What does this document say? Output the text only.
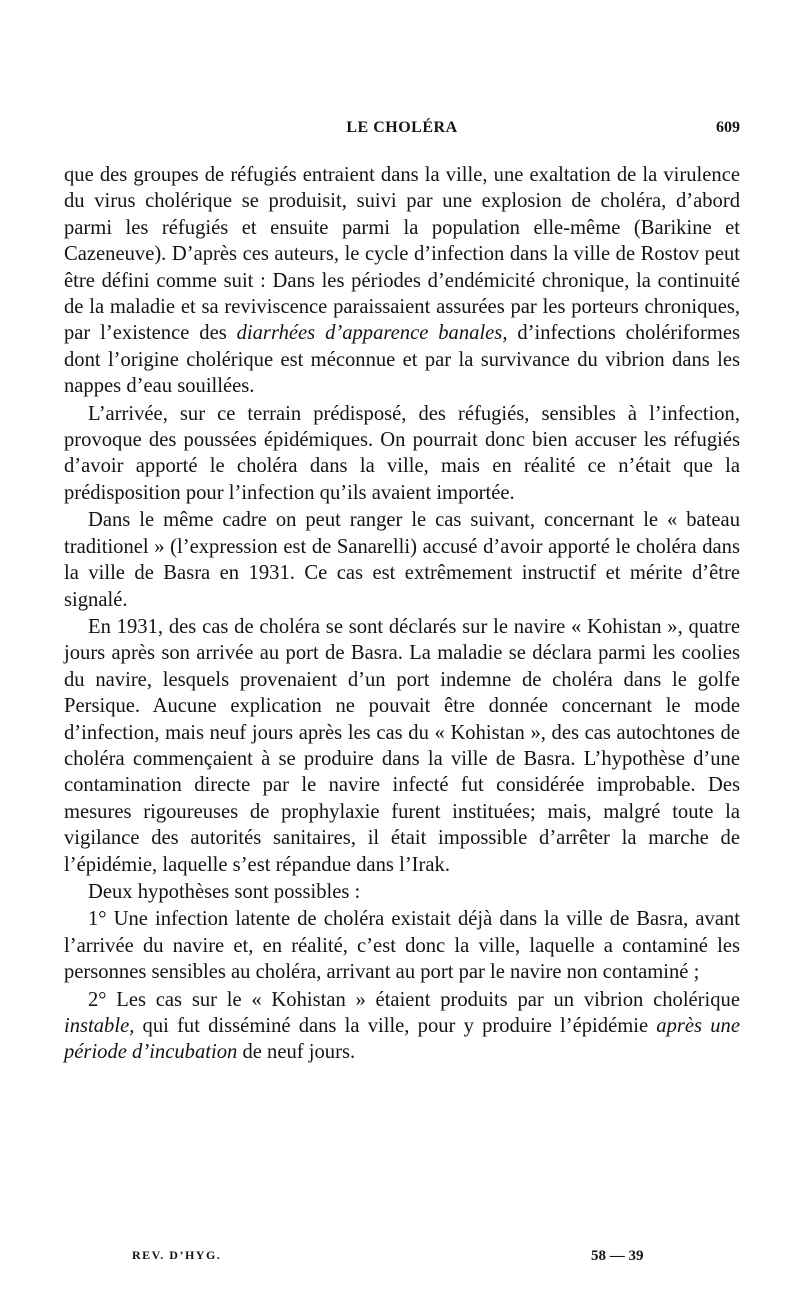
LE CHOLÉRA	609

que des groupes de réfugiés entraient dans la ville, une exaltation de la virulence du virus cholérique se produisit, suivi par une explosion de choléra, d’abord parmi les réfugiés et ensuite parmi la population elle-même (Barikine et Cazeneuve). D’après ces auteurs, le cycle d’infection dans la ville de Rostov peut être défini comme suit : Dans les périodes d’endémicité chronique, la continuité de la maladie et sa reviviscence paraissaient assurées par les porteurs chroniques, par l’existence des diarrhées d’apparence banales, d’infections cholériformes dont l’origine cholérique est méconnue et par la survivance du vibrion dans les nappes d’eau souillées.

L’arrivée, sur ce terrain prédisposé, des réfugiés, sensibles à l’infection, provoque des poussées épidémiques. On pourrait donc bien accuser les réfugiés d’avoir apporté le choléra dans la ville, mais en réalité ce n’était que la prédisposition pour l’infection qu’ils avaient importée.

Dans le même cadre on peut ranger le cas suivant, concernant le « bateau traditionel » (l’expression est de Sanarelli) accusé d’avoir apporté le choléra dans la ville de Basra en 1931. Ce cas est extrêmement instructif et mérite d’être signalé.

En 1931, des cas de choléra se sont déclarés sur le navire « Kohistan », quatre jours après son arrivée au port de Basra. La maladie se déclara parmi les coolies du navire, lesquels provenaient d’un port indemne de choléra dans le golfe Persique. Aucune explication ne pouvait être donnée concernant le mode d’infection, mais neuf jours après les cas du « Kohistan », des cas autochtones de choléra commençaient à se produire dans la ville de Basra. L’hypothèse d’une contamination directe par le navire infecté fut considérée improbable. Des mesures rigoureuses de prophylaxie furent instituées; mais, malgré toute la vigilance des autorités sanitaires, il était impossible d’arrêter la marche de l’épidémie, laquelle s’est répandue dans l’Irak.

Deux hypothèses sont possibles :

1° Une infection latente de choléra existait déjà dans la ville de Basra, avant l’arrivée du navire et, en réalité, c’est donc la ville, laquelle a contaminé les personnes sensibles au choléra, arrivant au port par le navire non contaminé ;

2° Les cas sur le « Kohistan » étaient produits par un vibrion cholérique instable, qui fut disséminé dans la ville, pour y produire l’épidémie après une période d’incubation de neuf jours.

REV. D’HYG.	58 — 39
